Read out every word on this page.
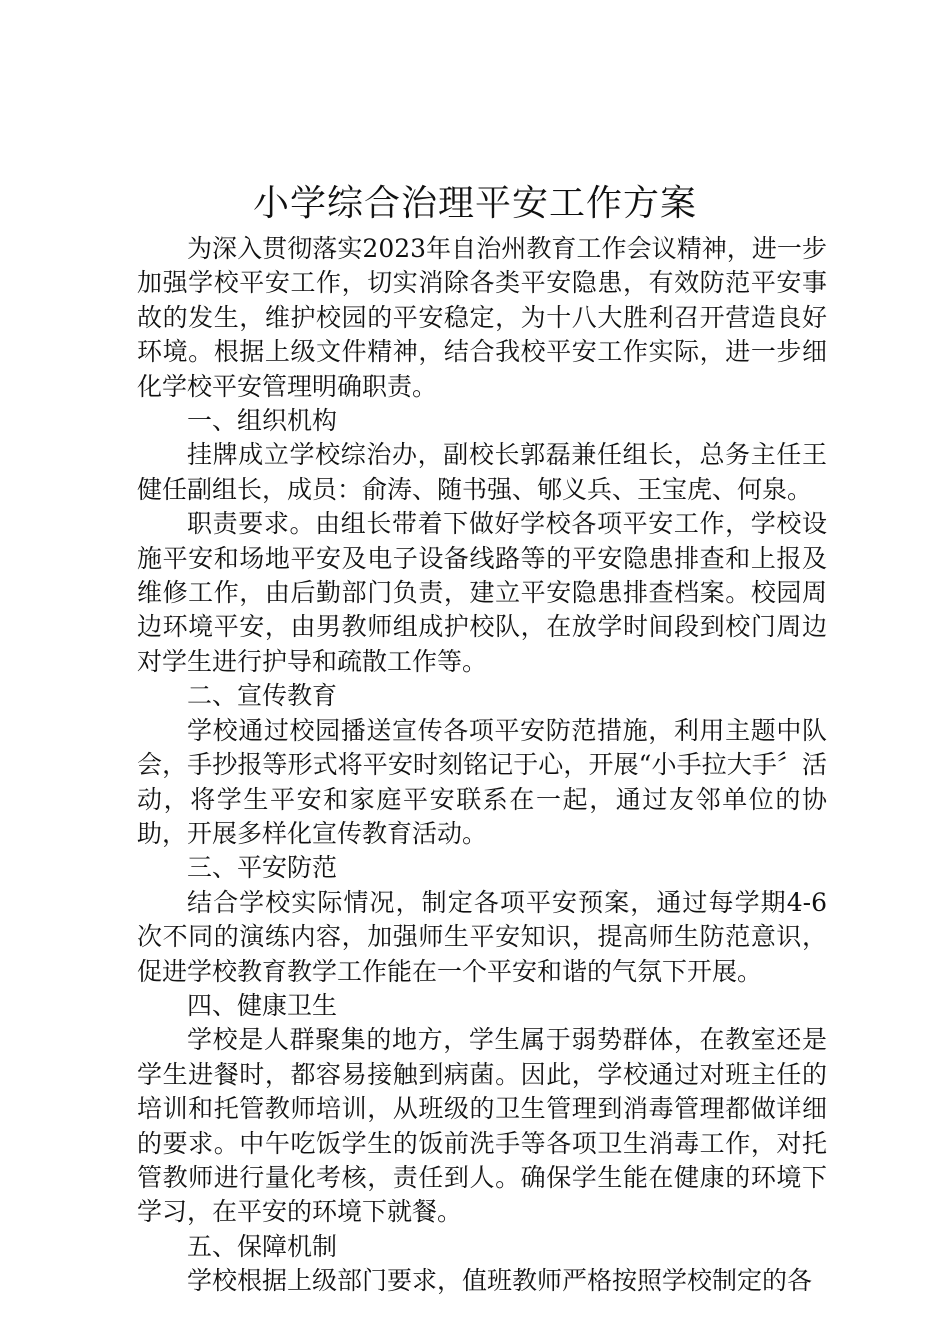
小学综合治理平安工作方案

为深入贯彻落实2023年自治州教育工作会议精神，进一步加强学校平安工作，切实消除各类平安隐患，有效防范平安事故的发生，维护校园的平安稳定，为十八大胜利召开营造良好环境。根据上级文件精神，结合我校平安工作实际，进一步细化学校平安管理明确职责。

一、组织机构

挂牌成立学校综治办，副校长郭磊兼任组长，总务主任王健任副组长，成员：俞涛、随书强、郇义兵、王宝虎、何泉。

职责要求。由组长带着下做好学校各项平安工作，学校设施平安和场地平安及电子设备线路等的平安隐患排查和上报及维修工作，由后勤部门负责，建立平安隐患排查档案。校园周边环境平安，由男教师组成护校队，在放学时间段到校门周边对学生进行护导和疏散工作等。

二、宣传教育

学校通过校园播送宣传各项平安防范措施，利用主题中队会，手抄报等形式将平安时刻铭记于心，开展“小手拉大手〞活动，将学生平安和家庭平安联系在一起，通过友邻单位的协助，开展多样化宣传教育活动。

三、平安防范

结合学校实际情况，制定各项平安预案，通过每学期4-6次不同的演练内容，加强师生平安知识，提高师生防范意识，促进学校教育教学工作能在一个平安和谐的气氛下开展。

四、健康卫生

学校是人群聚集的地方，学生属于弱势群体，在教室还是学生进餐时，都容易接触到病菌。因此，学校通过对班主任的培训和托管教师培训，从班级的卫生管理到消毒管理都做详细的要求。中午吃饭学生的饭前洗手等各项卫生消毒工作，对托管教师进行量化考核，责任到人。确保学生能在健康的环境下学习，在平安的环境下就餐。

五、保障机制

学校根据上级部门要求，值班教师严格按照学校制定的各
